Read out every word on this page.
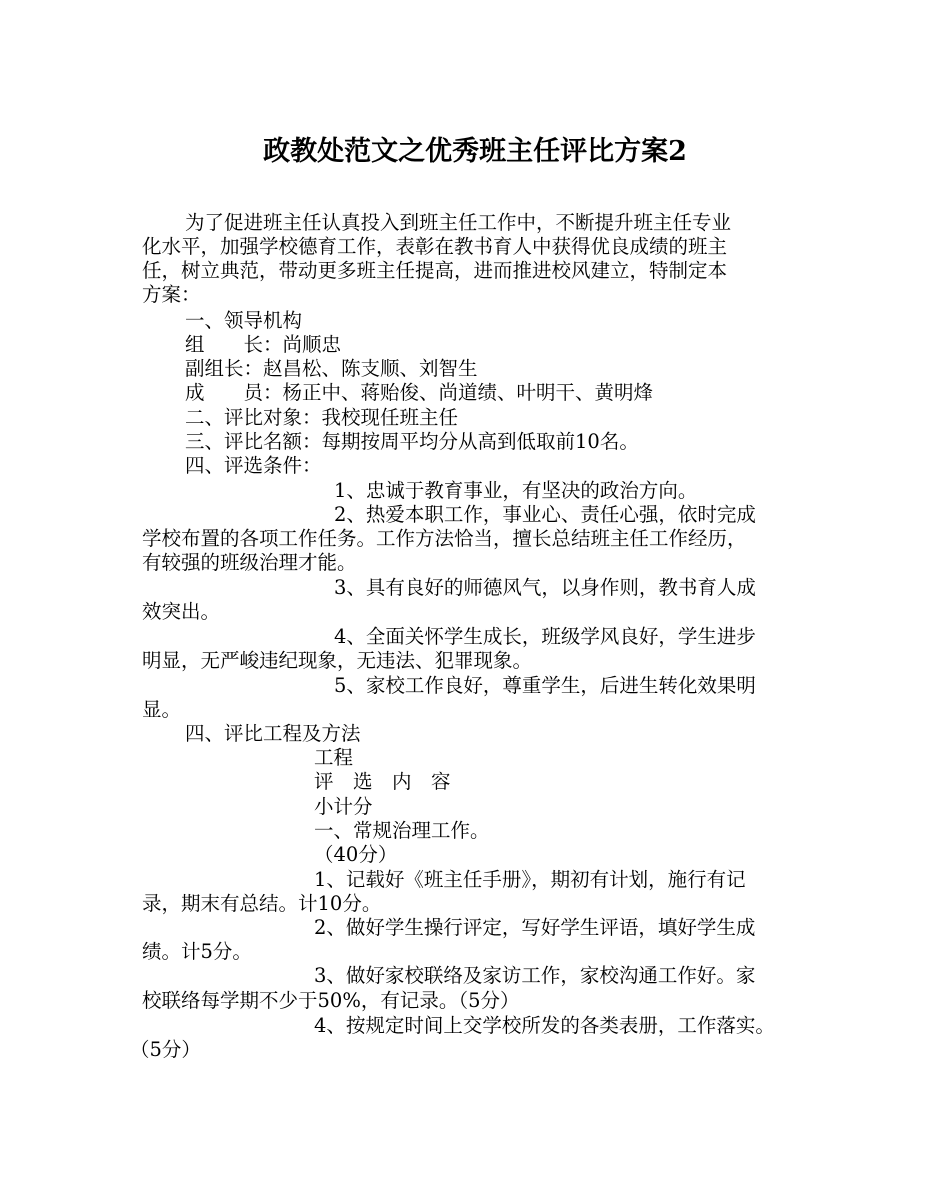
政教处范文之优秀班主任评比方案2
为了促进班主任认真投入到班主任工作中，不断提升班主任专业
化水平，加强学校德育工作，表彰在教书育人中获得优良成绩的班主
任，树立典范，带动更多班主任提高，进而推进校风建立，特制定本
方案：
一、领导机构
组　　长：尚顺忠
副组长：赵昌松、陈支顺、刘智生
成　　员：杨正中、蒋贻俊、尚道绩、叶明干、黄明烽
二、评比对象：我校现任班主任
三、评比名额：每期按周平均分从高到低取前10名。
四、评选条件：
1、忠诚于教育事业，有坚决的政治方向。
2、热爱本职工作，事业心、责任心强，依时完成
学校布置的各项工作任务。工作方法恰当，擅长总结班主任工作经历，
有较强的班级治理才能。
3、具有良好的师德风气，以身作则，教书育人成
效突出。
4、全面关怀学生成长，班级学风良好，学生进步
明显，无严峻违纪现象，无违法、犯罪现象。
5、家校工作良好，尊重学生，后进生转化效果明
显。
四、评比工程及方法
工程
评　选　内　容
小计分
一、常规治理工作。
（40分）
1、记载好《班主任手册》，期初有计划，施行有记
录，期末有总结。计10分。
2、做好学生操行评定，写好学生评语，填好学生成
绩。计5分。
3、做好家校联络及家访工作，家校沟通工作好。家
校联络每学期不少于50%，有记录。（5分）
4、按规定时间上交学校所发的各类表册，工作落实。
（5分）
